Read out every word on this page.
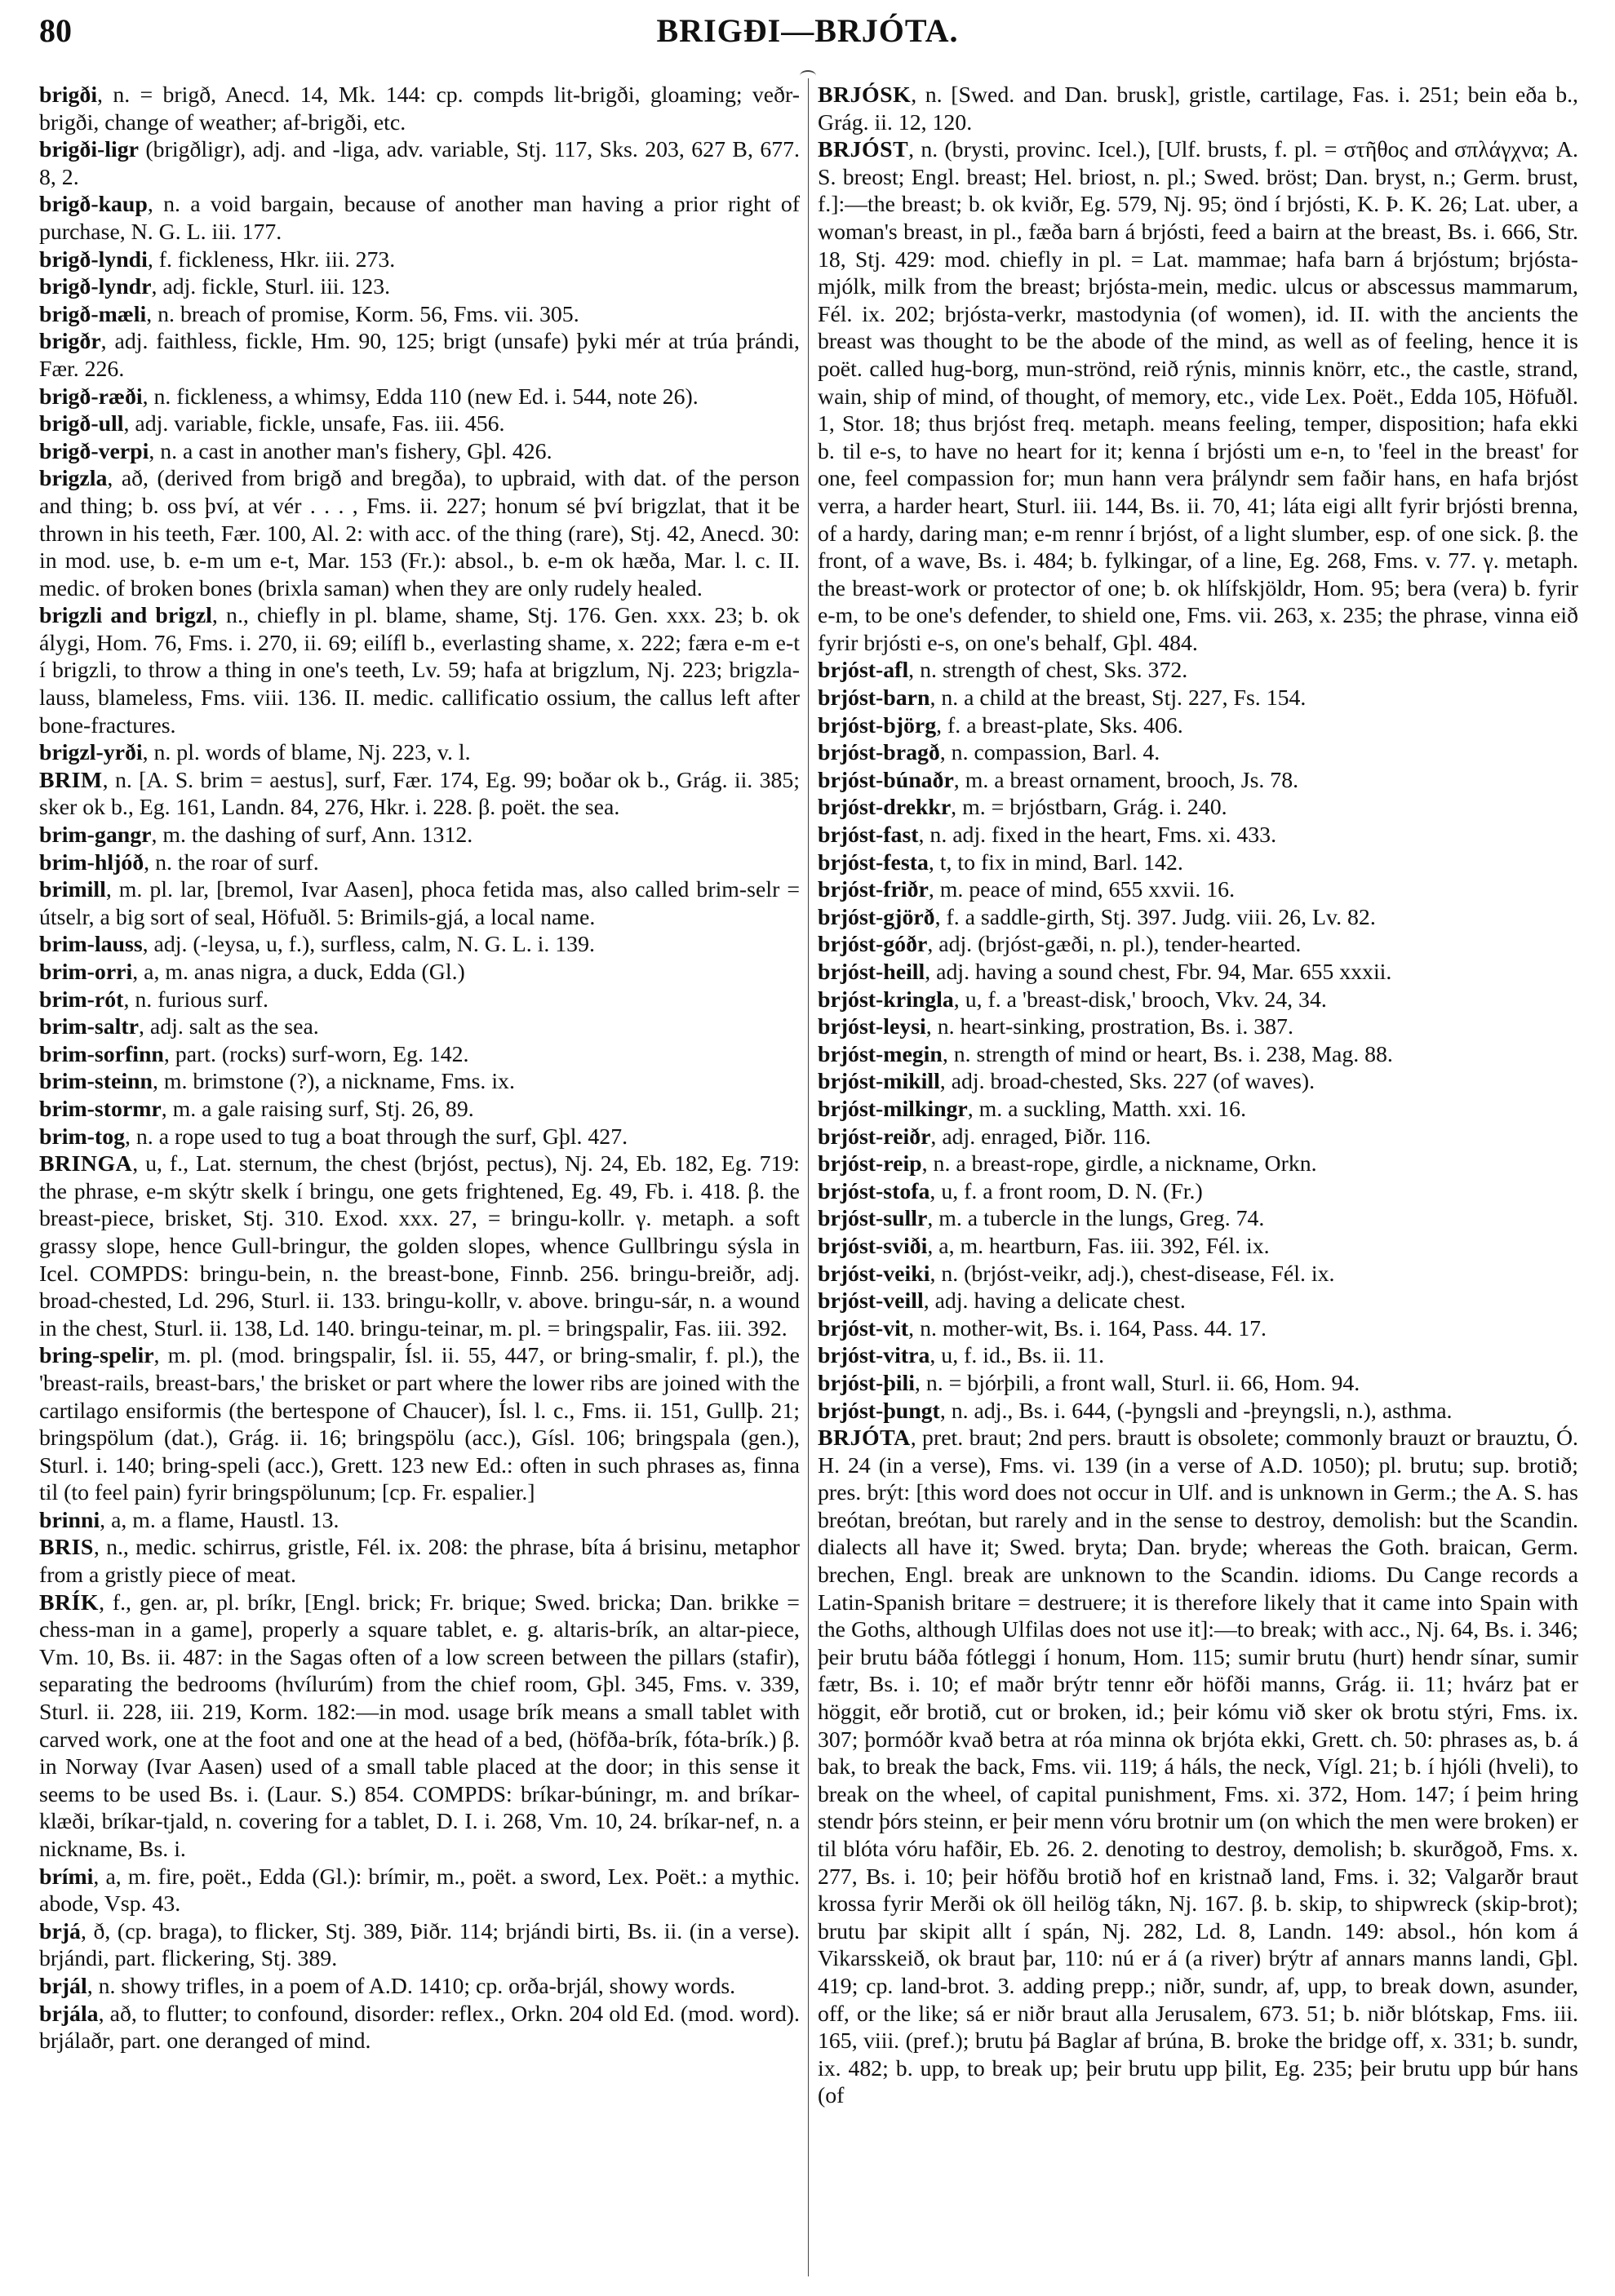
80	BRIGÐI—BRJÓTA.

brigði, n. = brigð, Anecd. 14, Mk. 144: cp. compds lit-brigði, gloaming; veðr-brigði, change of weather; af-brigði, etc.

brigði-ligr (brigðligr), adj. and -liga, adv. variable, Stj. 117, Sks. 203, 627 B, 677. 8, 2.

brigð-kaup, n. a void bargain, because of another man having a prior right of purchase, N. G. L. iii. 177.

brigð-lyndi, f. fickleness, Hkr. iii. 273.

brigð-lyndr, adj. fickle, Sturl. iii. 123.

brigð-mæli, n. breach of promise, Korm. 56, Fms. vii. 305.

brigðr, adj. faithless, fickle, Hm. 90, 125; brigt (unsafe) þyki mér at trúa þrándi, Fær. 226.

brigð-ræði, n. fickleness, a whimsy, Edda 110 (new Ed. i. 544, note 26).

brigð-ull, adj. variable, fickle, unsafe, Fas. iii. 456.

brigð-verpi, n. a cast in another man's fishery, Gþl. 426.

brigzla, að, (derived from brigð and bregða), to upbraid, with dat. of the person and thing; b. oss því, at vér . . . , Fms. ii. 227; honum sé því brigzlat, that it be thrown in his teeth, Fær. 100, Al. 2: with acc. of the thing (rare), Stj. 42, Anecd. 30: in mod. use, b. e-m um e-t, Mar. 153 (Fr.): absol., b. e-m ok hæða, Mar. l. c. II. medic. of broken bones (brixla saman) when they are only rudely healed.

brigzli and brigzl, n., chiefly in pl. blame, shame, Stj. 176. Gen. xxx. 23; b. ok álygi, Hom. 76, Fms. i. 270, ii. 69; eilífl b., everlasting shame, x. 222; færa e-m e-t í brigzli, to throw a thing in one's teeth, Lv. 59; hafa at brigzlum, Nj. 223; brigzla-lauss, blameless, Fms. viii. 136. II. medic. callificatio ossium, the callus left after bone-fractures.

brigzl-yrði, n. pl. words of blame, Nj. 223, v. l.

BRIM, n. [A. S. brim = aestus], surf, Fær. 174, Eg. 99; boðar ok b., Grág. ii. 385; sker ok b., Eg. 161, Landn. 84, 276, Hkr. i. 228. β. poët. the sea.

brim-gangr, m. the dashing of surf, Ann. 1312.

brim-hljóð, n. the roar of surf.

brimill, m. pl. lar, [bremol, Ivar Aasen], phoca fetida mas, also called brim-selr = útselr, a big sort of seal, Höfuðl. 5: Brimils-gjá, a local name.

brim-lauss, adj. (-leysa, u, f.), surfless, calm, N. G. L. i. 139.

brim-orri, a, m. anas nigra, a duck, Edda (Gl.)

brim-rót, n. furious surf.

brim-saltr, adj. salt as the sea.

brim-sorfinn, part. (rocks) surf-worn, Eg. 142.

brim-steinn, m. brimstone (?), a nickname, Fms. ix.

brim-stormr, m. a gale raising surf, Stj. 26, 89.

brim-tog, n. a rope used to tug a boat through the surf, Gþl. 427.

BRINGA, u, f., Lat. sternum, the chest (brjóst, pectus), Nj. 24, Eb. 182, Eg. 719: the phrase, e-m skýtr skelk í bringu, one gets frightened, Eg. 49, Fb. i. 418. β. the breast-piece, brisket, Stj. 310. Exod. xxx. 27, = bringu-kollr. γ. metaph. a soft grassy slope, hence Gull-bringur, the golden slopes, whence Gullbringu sýsla in Icel. COMPDS: bringu-bein, n. the breast-bone, Finnb. 256. bringu-breiðr, adj. broad-chested, Ld. 296, Sturl. ii. 133. bringu-kollr, v. above. bringu-sár, n. a wound in the chest, Sturl. ii. 138, Ld. 140. bringu-teinar, m. pl. = bringspalir, Fas. iii. 392.

bring-spelir, m. pl. (mod. bringspalir, Ísl. ii. 55, 447, or bring-smalir, f. pl.), the 'breast-rails, breast-bars,' the brisket or part where the lower ribs are joined with the cartilago ensiformis (the bertespone of Chaucer), Ísl. l. c., Fms. ii. 151, Gullþ. 21; bringspölum (dat.), Grág. ii. 16; bringspölu (acc.), Gísl. 106; bringspala (gen.), Sturl. i. 140; bring-speli (acc.), Grett. 123 new Ed.: often in such phrases as, finna til (to feel pain) fyrir bringspölunum; [cp. Fr. espalier.]

brinni, a, m. a flame, Haustl. 13.

BRIS, n., medic. schirrus, gristle, Fél. ix. 208: the phrase, bíta á brisinu, metaphor from a gristly piece of meat.

BRÍK, f., gen. ar, pl. bríkr, [Engl. brick; Fr. brique; Swed. bricka; Dan. brikke = chess-man in a game], properly a square tablet, e. g. altaris-brík, an altar-piece, Vm. 10, Bs. ii. 487: in the Sagas often of a low screen between the pillars (stafir), separating the bedrooms (hvílurúm) from the chief room, Gþl. 345, Fms. v. 339, Sturl. ii. 228, iii. 219, Korm. 182:—in mod. usage brík means a small tablet with carved work, one at the foot and one at the head of a bed, (höfða-brík, fóta-brík.) β. in Norway (Ivar Aasen) used of a small table placed at the door; in this sense it seems to be used Bs. i. (Laur. S.) 854. COMPDS: bríkar-búningr, m. and bríkar-klæði, bríkar-tjald, n. covering for a tablet, D. I. i. 268, Vm. 10, 24. bríkar-nef, n. a nickname, Bs. i.

brími, a, m. fire, poët., Edda (Gl.): brímir, m., poët. a sword, Lex. Poët.: a mythic. abode, Vsp. 43.

brjá, ð, (cp. braga), to flicker, Stj. 389, Þiðr. 114; brjándi birti, Bs. ii. (in a verse). brjándi, part. flickering, Stj. 389.

brjál, n. showy trifles, in a poem of A.D. 1410; cp. orða-brjál, showy words.

brjála, að, to flutter; to confound, disorder: reflex., Orkn. 204 old Ed. (mod. word). brjálaðr, part. one deranged of mind.

BRJÓSK, n. [Swed. and Dan. brusk], gristle, cartilage, Fas. i. 251; bein eða b., Grág. ii. 12, 120.

BRJÓST, n. (brysti, provinc. Icel.), [Ulf. brusts, f. pl. = στῆθος and σπλάγχνα; A. S. breost; Engl. breast; Hel. briost, n. pl.; Swed. bröst; Dan. bryst, n.; Germ. brust, f.]:—the breast; b. ok kviðr, Eg. 579, Nj. 95; önd í brjósti, K. Þ. K. 26; Lat. uber, a woman's breast, in pl., fæða barn á brjósti, feed a bairn at the breast, Bs. i. 666, Str. 18, Stj. 429: mod. chiefly in pl. = Lat. mammae; hafa barn á brjóstum; brjósta-mjólk, milk from the breast; brjósta-mein, medic. ulcus or abscessus mammarum, Fél. ix. 202; brjósta-verkr, mastodynia (of women), id. II. with the ancients the breast was thought to be the abode of the mind, as well as of feeling, hence it is poët. called hug-borg, mun-strönd, reið rýnis, minnis knörr, etc., the castle, strand, wain, ship of mind, of thought, of memory, etc., vide Lex. Poët., Edda 105, Höfuðl. 1, Stor. 18; thus brjóst freq. metaph. means feeling, temper, disposition; hafa ekki b. til e-s, to have no heart for it; kenna í brjósti um e-n, to 'feel in the breast' for one, feel compassion for; mun hann vera þrályndr sem faðir hans, en hafa brjóst verra, a harder heart, Sturl. iii. 144, Bs. ii. 70, 41; láta eigi allt fyrir brjósti brenna, of a hardy, daring man; e-m rennr í brjóst, of a light slumber, esp. of one sick. β. the front, of a wave, Bs. i. 484; b. fylkingar, of a line, Eg. 268, Fms. v. 77. γ. metaph. the breast-work or protector of one; b. ok hlífskjöldr, Hom. 95; bera (vera) b. fyrir e-m, to be one's defender, to shield one, Fms. vii. 263, x. 235; the phrase, vinna eið fyrir brjósti e-s, on one's behalf, Gþl. 484.

brjóst-afl, n. strength of chest, Sks. 372.

brjóst-barn, n. a child at the breast, Stj. 227, Fs. 154.

brjóst-björg, f. a breast-plate, Sks. 406.

brjóst-bragð, n. compassion, Barl. 4.

brjóst-búnaðr, m. a breast ornament, brooch, Js. 78.

brjóst-drekkr, m. = brjóstbarn, Grág. i. 240.

brjóst-fast, n. adj. fixed in the heart, Fms. xi. 433.

brjóst-festa, t, to fix in mind, Barl. 142.

brjóst-friðr, m. peace of mind, 655 xxvii. 16.

brjóst-gjörð, f. a saddle-girth, Stj. 397. Judg. viii. 26, Lv. 82.

brjóst-góðr, adj. (brjóst-gæði, n. pl.), tender-hearted.

brjóst-heill, adj. having a sound chest, Fbr. 94, Mar. 655 xxxii.

brjóst-kringla, u, f. a 'breast-disk,' brooch, Vkv. 24, 34.

brjóst-leysi, n. heart-sinking, prostration, Bs. i. 387.

brjóst-megin, n. strength of mind or heart, Bs. i. 238, Mag. 88.

brjóst-mikill, adj. broad-chested, Sks. 227 (of waves).

brjóst-milkingr, m. a suckling, Matth. xxi. 16.

brjóst-reiðr, adj. enraged, Þiðr. 116.

brjóst-reip, n. a breast-rope, girdle, a nickname, Orkn.

brjóst-stofa, u, f. a front room, D. N. (Fr.)

brjóst-sullr, m. a tubercle in the lungs, Greg. 74.

brjóst-sviði, a, m. heartburn, Fas. iii. 392, Fél. ix.

brjóst-veiki, n. (brjóst-veikr, adj.), chest-disease, Fél. ix.

brjóst-veill, adj. having a delicate chest.

brjóst-vit, n. mother-wit, Bs. i. 164, Pass. 44. 17.

brjóst-vitra, u, f. id., Bs. ii. 11.

brjóst-þili, n. = bjórþili, a front wall, Sturl. ii. 66, Hom. 94.

brjóst-þungt, n. adj., Bs. i. 644, (-þyngsli and -þreyngsli, n.), asthma.

BRJÓTA, pret. braut; 2nd pers. brautt is obsolete; commonly brauzt or brauztu, Ó. H. 24 (in a verse), Fms. vi. 139 (in a verse of A.D. 1050); pl. brutu; sup. brotið; pres. brýt: [this word does not occur in Ulf. and is unknown in Germ.; the A. S. has breótan, breótan, but rarely and in the sense to destroy, demolish: but the Scandin. dialects all have it; Swed. bryta; Dan. bryde; whereas the Goth. braican, Germ. brechen, Engl. break are unknown to the Scandin. idioms. Du Cange records a Latin-Spanish britare = destruere; it is therefore likely that it came into Spain with the Goths, although Ulfilas does not use it]:—to break; with acc., Nj. 64, Bs. i. 346; þeir brutu báða fótleggi í honum, Hom. 115; sumir brutu (hurt) hendr sínar, sumir fætr, Bs. i. 10; ef maðr brýtr tennr eðr höfði manns, Grág. ii. 11; hvárz þat er höggit, eðr brotið, cut or broken, id.; þeir kómu við sker ok brotu stýri, Fms. ix. 307; þormóðr kvað betra at róa minna ok brjóta ekki, Grett. ch. 50: phrases as, b. á bak, to break the back, Fms. vii. 119; á háls, the neck, Vígl. 21; b. í hjóli (hveli), to break on the wheel, of capital punishment, Fms. xi. 372, Hom. 147; í þeim hring stendr þórs steinn, er þeir menn vóru brotnir um (on which the men were broken) er til blóta vóru hafðir, Eb. 26. 2. denoting to destroy, demolish; b. skurðgoð, Fms. x. 277, Bs. i. 10; þeir höfðu brotið hof en kristnað land, Fms. i. 32; Valgarðr braut krossa fyrir Merði ok öll heilög tákn, Nj. 167. β. b. skip, to shipwreck (skip-brot); brutu þar skipit allt í spán, Nj. 282, Ld. 8, Landn. 149: absol., hón kom á Vikarsskeið, ok braut þar, 110: nú er á (a river) brýtr af annars manns landi, Gþl. 419; cp. land-brot. 3. adding prepp.; niðr, sundr, af, upp, to break down, asunder, off, or the like; sá er niðr braut alla Jerusalem, 673. 51; b. niðr blótskap, Fms. iii. 165, viii. (pref.); brutu þá Baglar af brúna, B. broke the bridge off, x. 331; b. sundr, ix. 482; b. upp, to break up; þeir brutu upp þilit, Eg. 235; þeir brutu upp búr hans (of
